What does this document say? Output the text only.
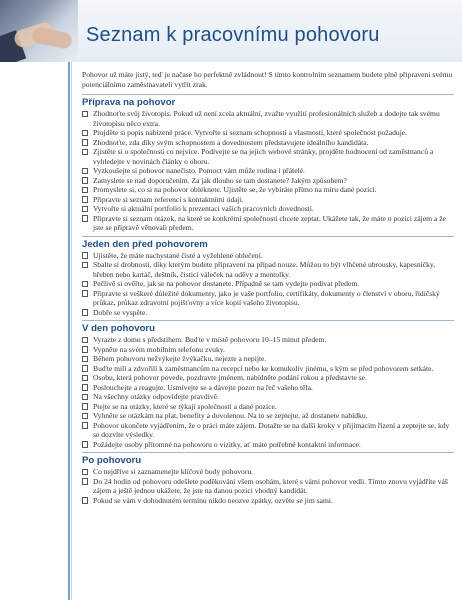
Seznam k pracovnímu pohovoru

Pohovor už máte jistý, teď je načase ho perfektně zvládnout! S tímto kontrolním seznamem budete plně připraveni svému potenciálnímu zaměstnavateli vytřít zrak.

Příprava na pohovor
Zhodnoťte svůj životopis. Pokud už není zcela aktuální, zvažte využití profesionálních služeb a dodejte tak svému životopisu něco extra.
Projděte si popis nabízené práce. Vytvořte si seznam schopností a vlastností, které společnost požaduje.
Zhodnoťte, zda díky svým schopnostem a dovednostem představujete ideálního kandidáta.
Zjistěte si o společnosti co nejvíce. Podívejte se na jejich webové stránky, projděte hodnocení od zaměstnanců a vyhledejte v novinách články o oboru.
Vyzkoušejte si pohovor nanečisto. Pomoct vám může rodina i přátelé.
Zamyslete se nad doporučením. Za jak dlouho se tam dostanete? Jakým způsobem?
Promyslete si, co si na pohovor obléknete. Ujistěte se, že vybíráte přímo na míru dané pozici.
Připravte si seznam referencí s kontaktními údaji.
Vytvořte si aktuální portfolio k prezentaci vašich pracovních dovedností.
Připravte si seznam otázek, na které se konkrétní společnosti chcete zeptat. Ukážete tak, že máte o pozici zájem a že jste se připravě věnovali předem.
Jeden den před pohovorem
Ujistěte, že máte nachystané čisté a vyžehlené oblečení.
Sbalte si drobnosti, díky kterým budete připraveni na případ nouze. Můžou to být vlhčené ubrousky, kapesníčky, hřeben nebo kartáč, deštník, čisticí váleček na oděvy a mentolky.
Pečlivě si ověřte, jak se na pohovor dostanete. Případně se tam vydejte podívat předem.
Připravte si veškeré důležité dokumenty, jako je vaše portfolio, certifikáty, dokumenty o členství v oboru, řidičský průkaz, průkaz zdravotní pojišťovny a více kopií vašeho životopisu.
Dobře se vyspěte.
V den pohovoru
Vyrazte z domu s předstihem. Buďte v místě pohovoru 10–15 minut předem.
Vypněte na svém mobilním telefonu zvuky.
Během pohovoru nežvýkejte žvýkačku, nejezte a nepijte.
Buďte milí a zdvořilí k zaměstnancům na recepci nebo ke komukoliv jinému, s kým se před pohovorem setkáte.
Osobu, která pohovor povede, pozdravte jménem, nabídněte podání rukou a představte se.
Poslouchejte a reagujte. Usmívejte se a dávejte pozor na řeč vašeho těla.
Na všechny otázky odpovídejte pravdivě.
Ptejte se na otázky, které se týkají společnosti a dané pozice.
Vyhněte se otázkám na plat, benefity a dovolenou. Na to se zeptejte, až dostanete nabídku.
Pohovor ukončete vyjádřením, že o práci máte zájem. Dotažte se na další kroky v přijímacím řízení a zeptejte se, kdy se dozvíte výsledky.
Požádejte osoby přítomné na pohovoru o vizitky, ať máte potřebné kontaktní informace.
Po pohovoru
Co nejdříve si zaznamenejte klíčové body pohovoru.
Do 24 hodin od pohovoru odešlete poděkování všem osobám, které s vámi pohovor vedli. Tímto znovu vyjádříte váš zájem a ještě jednou ukážete, že jste na danou pozici vhodný kandidát.
Pokud se vám v dohodnutém termínu nikdo neozve zpátky, ozvěte se jim sami.
